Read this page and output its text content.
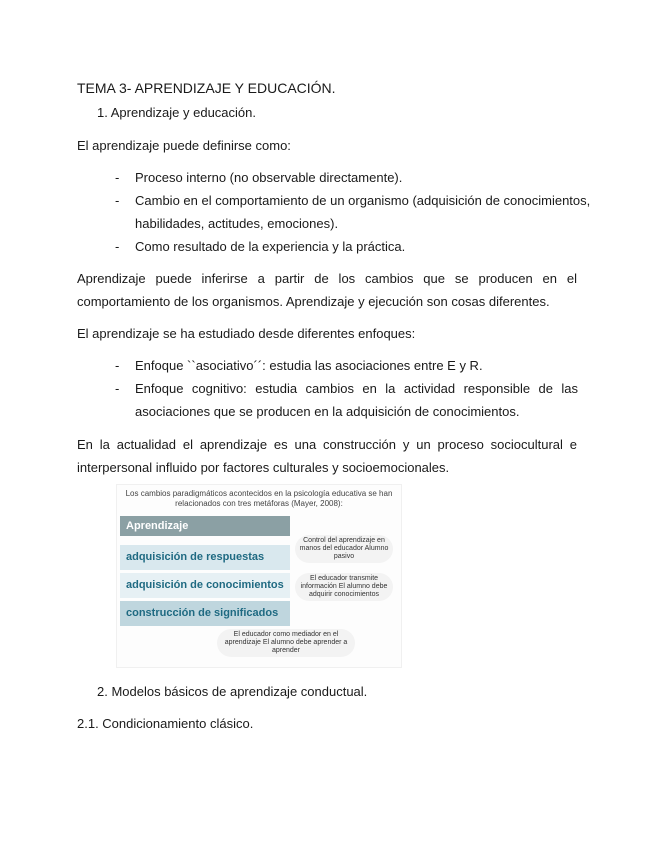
TEMA 3- APRENDIZAJE Y EDUCACIÓN.
1. Aprendizaje y educación.
El aprendizaje puede definirse como:
- Proceso interno (no observable directamente).
- Cambio en el comportamiento de un organismo (adquisición de conocimientos,
habilidades, actitudes, emociones).
- Como resultado de la experiencia y la práctica.
Aprendizaje puede inferirse a partir de los cambios que se producen en el
comportamiento de los organismos. Aprendizaje y ejecución son cosas diferentes.
El aprendizaje se ha estudiado desde diferentes enfoques:
- Enfoque ``asociativo´´: estudia las asociaciones entre E y R.
- Enfoque cognitivo: estudia cambios en la actividad responsible de las
asociaciones que se producen en la adquisición de conocimientos.
En la actualidad el aprendizaje es una construcción y un proceso sociocultural e
interpersonal influido por factores culturales y socioemocionales.
Los cambios paradigmáticos acontecidos en la psicología educativa se han relacionados con tres metáforas (Mayer, 2008):
Aprendizaje
adquisición de respuestas
adquisición de conocimientos
construcción de significados
Control del aprendizaje en manos del educador Alumno pasivo
El educador transmite información El alumno debe adquirir conocimientos
El educador como mediador en el aprendizaje El alumno debe aprender a aprender
2. Modelos básicos de aprendizaje conductual.
2.1. Condicionamiento clásico.
